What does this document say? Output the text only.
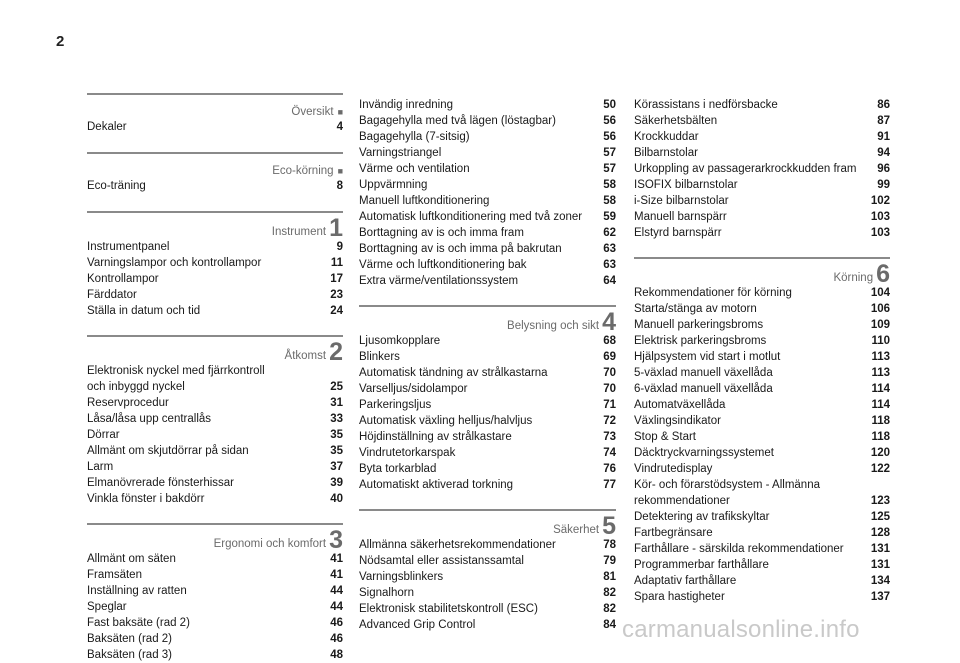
2
Översikt ■
Dekaler	4
Eco-körning ■
Eco-träning	8
Instrument 1
Instrumentpanel	9
Varningslampor och kontrollampor	11
Kontrollampor	17
Färddator	23
Ställa in datum och tid	24
Åtkomst 2
Elektronisk nyckel med fjärrkontroll
och inbyggd nyckel	25
Reservprocedur	31
Låsa/låsa upp centrallås	33
Dörrar	35
Allmänt om skjutdörrar på sidan	35
Larm	37
Elmanövrerade fönsterhissar	39
Vinkla fönster i bakdörr	40
Ergonomi och komfort 3
Allmänt om säten	41
Framsäten	41
Inställning av ratten	44
Speglar	44
Fast baksäte (rad 2)	46
Baksäten (rad 2)	46
Baksäten (rad 3)	48
Invändig inredning	50
Bagagehylla med två lägen (löstagbar)	56
Bagagehylla (7-sitsig)	56
Varningstriangel	57
Värme och ventilation	57
Uppvärmning	58
Manuell luftkonditionering	58
Automatisk luftkonditionering med två zoner	59
Borttagning av is och imma fram	62
Borttagning av is och imma på bakrutan	63
Värme och luftkonditionering bak	63
Extra värme/ventilationssystem	64
Belysning och sikt 4
Ljusomkopplare	68
Blinkers	69
Automatisk tändning av strålkastarna	70
Varselljus/sidolampor	70
Parkeringsljus	71
Automatisk växling helljus/halvljus	72
Höjdinställning av strålkastare	73
Vindrutetorkarspak	74
Byta torkarblad	76
Automatiskt aktiverad torkning	77
Säkerhet 5
Allmänna säkerhetsrekommendationer	78
Nödsamtal eller assistanssamtal	79
Varningsblinkers	81
Signalhorn	82
Elektronisk stabilitetskontroll (ESC)	82
Advanced Grip Control	84
Körassistans i nedförsbacke	86
Säkerhetsbälten	87
Krockkuddar	91
Bilbarnstolar	94
Urkoppling av passagerarkrockkudden fram	96
ISOFIX bilbarnstolar	99
i-Size bilbarnstolar	102
Manuell barnspärr	103
Elstyrd barnspärr	103
Körning 6
Rekommendationer för körning	104
Starta/stänga av motorn	106
Manuell parkeringsbroms	109
Elektrisk parkeringsbroms	110
Hjälpsystem vid start i motlut	113
5-växlad manuell växellåda	113
6-växlad manuell växellåda	114
Automatväxellåda	114
Växlingsindikator	118
Stop & Start	118
Däcktryckvarningssystemet	120
Vindrutedisplay	122
Kör- och förarstödsystem - Allmänna
rekommendationer	123
Detektering av trafikskyltar	125
Fartbegränsare	128
Farthållare - särskilda rekommendationer	131
Programmerbar farthållare	131
Adaptativ farthållare	134
Spara hastigheter	137
carmanualsonline.info
